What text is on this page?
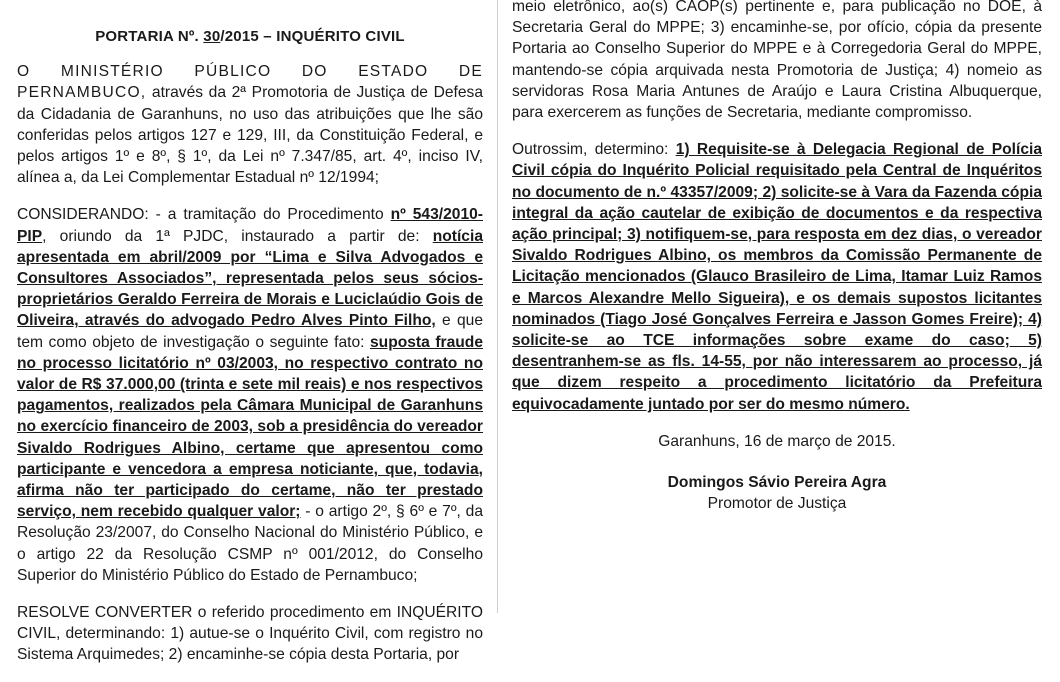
PORTARIA Nº. 30/2015 – INQUÉRITO CIVIL

O MINISTÉRIO PÚBLICO DO ESTADO DE PERNAMBUCO, através da 2ª Promotoria de Justiça de Defesa da Cidadania de Garanhuns, no uso das atribuições que lhe são conferidas pelos artigos 127 e 129, III, da Constituição Federal, e pelos artigos 1º e 8º, § 1º, da Lei nº 7.347/85, art. 4º, inciso IV, alínea a, da Lei Complementar Estadual nº 12/1994;

CONSIDERANDO: - a tramitação do Procedimento nº 543/2010-PIP, oriundo da 1ª PJDC, instaurado a partir de: notícia apresentada em abril/2009 por “Lima e Silva Advogados e Consultores Associados”, representada pelos seus sócios-proprietários Geraldo Ferreira de Morais e Luciclaúdio Gois de Oliveira, através do advogado Pedro Alves Pinto Filho, e que tem como objeto de investigação o seguinte fato: suposta fraude no processo licitatório nº 03/2003, no respectivo contrato no valor de R$ 37.000,00 (trinta e sete mil reais) e nos respectivos pagamentos, realizados pela Câmara Municipal de Garanhuns no exercício financeiro de 2003, sob a presidência do vereador Sivaldo Rodrigues Albino, certame que apresentou como participante e vencedora a empresa noticiante, que, todavia, afirma não ter participado do certame, não ter prestado serviço, nem recebido qualquer valor; - o artigo 2º, § 6º e 7º, da Resolução 23/2007, do Conselho Nacional do Ministério Público, e o artigo 22 da Resolução CSMP nº 001/2012, do Conselho Superior do Ministério Público do Estado de Pernambuco;

RESOLVE CONVERTER o referido procedimento em INQUÉRITO CIVIL, determinando: 1) autue-se o Inquérito Civil, com registro no Sistema Arquimedes; 2) encaminhe-se cópia desta Portaria, por

meio eletrônico, ao(s) CAOP(s) pertinente e, para publicação no DOE, à Secretaria Geral do MPPE; 3) encaminhe-se, por ofício, cópia da presente Portaria ao Conselho Superior do MPPE e à Corregedoria Geral do MPPE, mantendo-se cópia arquivada nesta Promotoria de Justiça; 4) nomeio as servidoras Rosa Maria Antunes de Araújo e Laura Cristina Albuquerque, para exercerem as funções de Secretaria, mediante compromisso.

Outrossim, determino: 1) Requisite-se à Delegacia Regional de Polícia Civil cópia do Inquérito Policial requisitado pela Central de Inquéritos no documento de n.º 43357/2009; 2) solicite-se à Vara da Fazenda cópia integral da ação cautelar de exibição de documentos e da respectiva ação principal; 3) notifiquem-se, para resposta em dez dias, o vereador Sivaldo Rodrigues Albino, os membros da Comissão Permanente de Licitação mencionados (Glauco Brasileiro de Lima, Itamar Luiz Ramos e Marcos Alexandre Mello Sigueira), e os demais supostos licitantes nominados (Tiago José Gonçalves Ferreira e Jasson Gomes Freire); 4) solicite-se ao TCE informações sobre exame do caso; 5) desentranhem-se as fls. 14-55, por não interessarem ao processo, já que dizem respeito a procedimento licitatório da Prefeitura equivocadamente juntado por ser do mesmo número.

Garanhuns, 16 de março de 2015.

Domingos Sávio Pereira Agra

Promotor de Justiça
